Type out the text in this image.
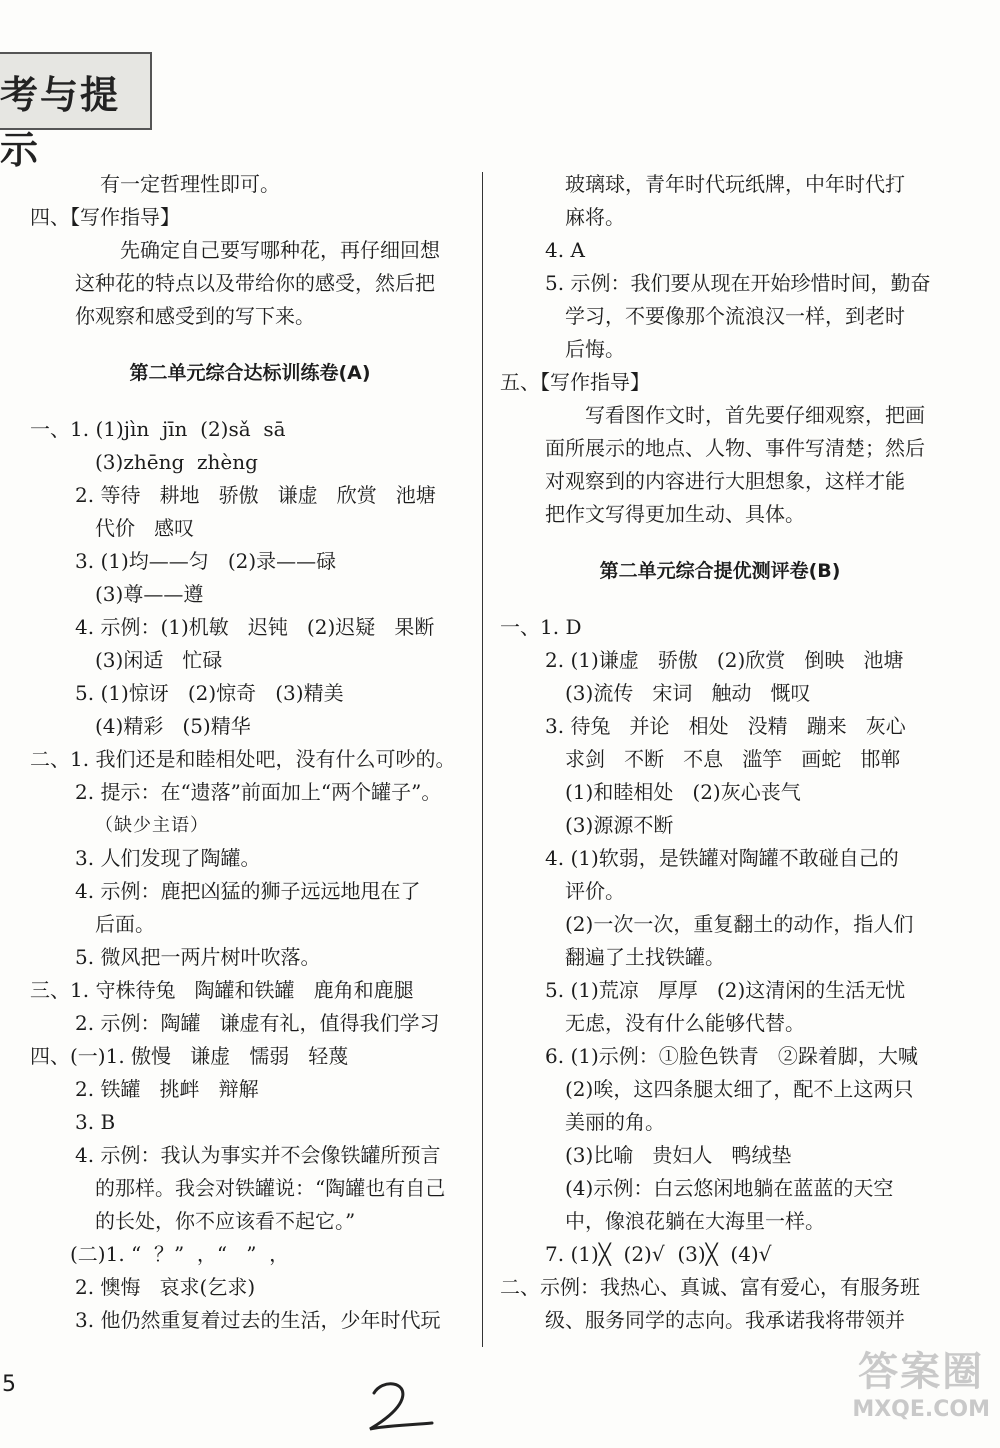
考与提示
有一定哲理性即可。
四、【写作指导】
先确定自己要写哪种花，再仔细回想
这种花的特点以及带给你的感受，然后把
你观察和感受到的写下来。
第二单元综合达标训练卷(A)
一、1. (1)jìn  jīn  (2)sǎ  sā
(3)zhēng  zhèng
2. 等待   耕地   骄傲   谦虚   欣赏   池塘
代价   感叹
3. (1)均——匀   (2)录——碌
(3)尊——遵
4. 示例：(1)机敏   迟钝   (2)迟疑   果断
(3)闲适   忙碌
5. (1)惊讶   (2)惊奇   (3)精美
(4)精彩   (5)精华
二、1. 我们还是和睦相处吧，没有什么可吵的。
2. 提示：在“遗落”前面加上“两个罐子”。
（缺少主语）
3. 人们发现了陶罐。
4. 示例：鹿把凶猛的狮子远远地甩在了
后面。
5. 微风把一两片树叶吹落。
三、1. 守株待兔   陶罐和铁罐   鹿角和鹿腿
2. 示例：陶罐   谦虚有礼，值得我们学习
四、(一)1. 傲慢   谦虚   懦弱   轻蔑
2. 铁罐   挑衅   辩解
3. B
4. 示例：我认为事实并不会像铁罐所预言
的那样。我会对铁罐说：“陶罐也有自己
的长处，你不应该看不起它。”
(二)1. “  ？”  ，“   ”  ，
2. 懊悔   哀求(乞求)
3. 他仍然重复着过去的生活，少年时代玩
玻璃球，青年时代玩纸牌，中年时代打
麻将。
4. A
5. 示例：我们要从现在开始珍惜时间，勤奋
学习，不要像那个流浪汉一样，到老时
后悔。
五、【写作指导】
写看图作文时，首先要仔细观察，把画
面所展示的地点、人物、事件写清楚；然后
对观察到的内容进行大胆想象，这样才能
把作文写得更加生动、具体。
第二单元综合提优测评卷(B)
一、1. D
2. (1)谦虚   骄傲   (2)欣赏   倒映   池塘
(3)流传   宋词   触动   慨叹
3. 待兔   并论   相处   没精   蹦来   灰心
求剑   不断   不息   滥竽   画蛇   邯郸
(1)和睦相处   (2)灰心丧气
(3)源源不断
4. (1)软弱，是铁罐对陶罐不敢碰自己的
评价。
(2)一次一次，重复翻土的动作，指人们
翻遍了土找铁罐。
5. (1)荒凉   厚厚   (2)这清闲的生活无忧
无虑，没有什么能够代替。
6. (1)示例：①脸色铁青   ②跺着脚，大喊
(2)唉，这四条腿太细了，配不上这两只
美丽的角。
(3)比喻   贵妇人   鸭绒垫
(4)示例：白云悠闲地躺在蓝蓝的天空
中，像浪花躺在大海里一样。
7. (1)╳  (2)√  (3)╳  (4)√
二、示例：我热心、真诚、富有爱心，有服务班
级、服务同学的志向。我承诺我将带领并
5	答案圈
MXQE.COM
